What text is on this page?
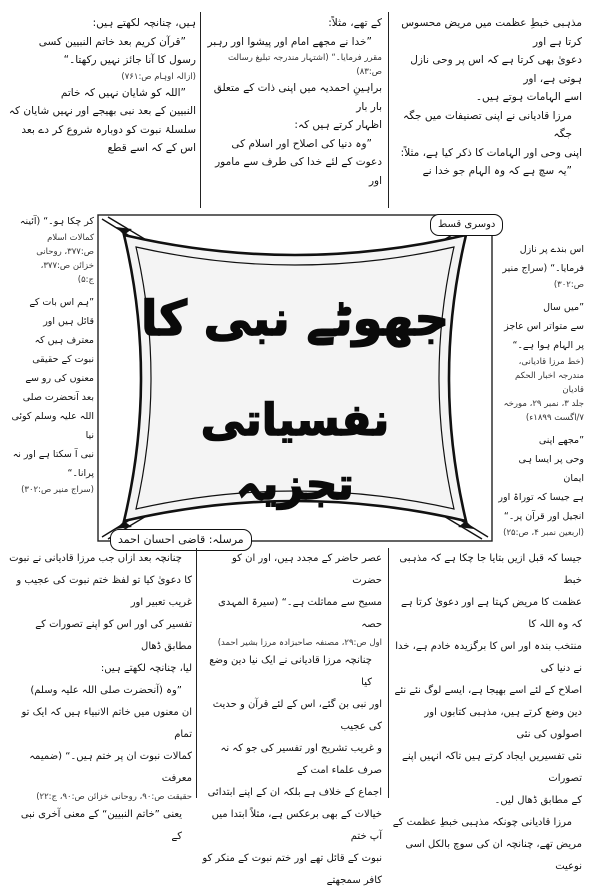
مذہبی خبطِ عظمت میں مریض محسوس کرتا ہے اور

دعویٰ بھی کرتا ہے کہ اس پر وحی نازل ہوتی ہے، اور

اسے الہامات ہوتے ہیں۔

مرزا قادیانی نے اپنی تصنیفات میں جگہ جگہ

اپنی وحی اور الہامات کا ذکر کیا ہے، مثلاً:

”یہ سچ ہے کہ وہ الہام جو خدا نے

کے تھے، مثلاً:

”خدا نے مجھے امام اور پیشوا اور رہبر

مقرر فرمایا۔“ (اشتہار مندرجہ تبلیغ رسالت ص:۸۳)

براہینِ احمدیہ میں اپنی ذات کے متعلق بار بار

اظہار کرتے ہیں کہ:

”وہ دنیا کی اصلاح اور اسلام کی

دعوت کے لئے خدا کی طرف سے مامور اور

ہیں، چنانچہ لکھتے ہیں:

”قرآن کریم بعد خاتم النبیین کسی

رسول کا آنا جائز نہیں رکھتا۔“

(ازالہ اوہام ص:۷۶۱)

”اللہ کو شایان نہیں کہ خاتم

النبیین کے بعد نبی بھیجے اور نہیں شایان کہ

سلسلۂ نبوت کو دوبارہ شروع کر دے بعد

اس کے کہ اسے قطع

اس بندے پر نازل

فرمایا۔“ (سراج منیر

ص:۳۰۲)

”میں سال

سے متواتر اس عاجز

پر الہام ہوا ہے۔“

(خط مرزا قادیانی،

مندرجہ اخبار الحکم قادیان

جلد ۳، نمبر ۲۹، مورخہ

۷/اگست ۱۸۹۹ء)

”مجھے اپنی

وحی پر ایسا ہی ایمان

ہے جیسا کہ توراۃ اور

انجیل اور قرآن پر۔“

(اربعین نمبر ۴، ص:۲۵)

کر چکا ہو۔“ (آئینہ

کمالات اسلام

ص:۳۷۷، روحانی

خزائن ص:۳۷۷،

ج:۵)

”ہم اس بات کے

قائل ہیں اور

معترف ہیں کہ

نبوت کے حقیقی

معنوں کی رو سے

بعد آنحضرت صلی

اللہ علیہ وسلم کوئی نیا

نبی آ سکتا ہے اور نہ

پرانا۔“

(سراج منیر ص:۳۰۲)

جھوٹے نبی کا
نفسیاتی تجزیہ
دوسری قسط
مرسلہ: قاضی احسان احمد

جیسا کہ قبل ازیں بتایا جا چکا ہے کہ مذہبی خبط

عظمت کا مریض کہتا ہے اور دعویٰ کرتا ہے کہ وہ اللہ کا

منتخب بندہ اور اس کا برگزیدہ خادم ہے، خدا نے دنیا کی

اصلاح کے لئے اسے بھیجا ہے، ایسے لوگ نئے نئے

دین وضع کرتے ہیں، مذہبی کتابوں اور اصولوں کی نئی

نئی تفسیریں ایجاد کرتے ہیں تاکہ انہیں اپنے تصورات

کے مطابق ڈھال لیں۔

مرزا قادیانی چونکہ مذہبی خبطِ عظمت کے

مریض تھے، چنانچہ ان کی سوچ بالکل اسی نوعیت

عصر حاضر کے مجدد ہیں، اور ان کو حضرت

مسیح سے مماثلت ہے۔“ (سیرۃ المہدی حصہ

اول ص:۲۹، مصنفہ صاحبزادہ مرزا بشیر احمد)

چنانچہ مرزا قادیانی نے ایک نیا دین وضع کیا

اور نبی بن گئے، اس کے لئے قرآن و حدیث کی عجیب

و غریب تشریح اور تفسیر کی جو کہ نہ صرف علماء امت کے

اجماع کے خلاف ہے بلکہ ان کے اپنے ابتدائی

خیالات کے بھی برعکس ہے، مثلاً ابتدا میں آپ ختم

نبوت کے قائل تھے اور ختم نبوت کے منکر کو کافر سمجھتے

چنانچہ بعد ازاں جب مرزا قادیانی نے نبوت

کا دعویٰ کیا تو لفظ ختم نبوت کی عجیب و غریب تعبیر اور

تفسیر کی اور اس کو اپنے تصورات کے مطابق ڈھال

لیا، چنانچہ لکھتے ہیں:

”وہ (آنحضرت صلی اللہ علیہ وسلم)

ان معنوں میں خاتم الانبیاء ہیں کہ ایک تو تمام

کمالات نبوت ان پر ختم ہیں۔“ (ضمیمہ معرفت

حقیقت ص:۹۰، روحانی خزائن ص:۹۰، ج:۲۲)

یعنی ”خاتم النبیین“ کے معنی آخری نبی کے
